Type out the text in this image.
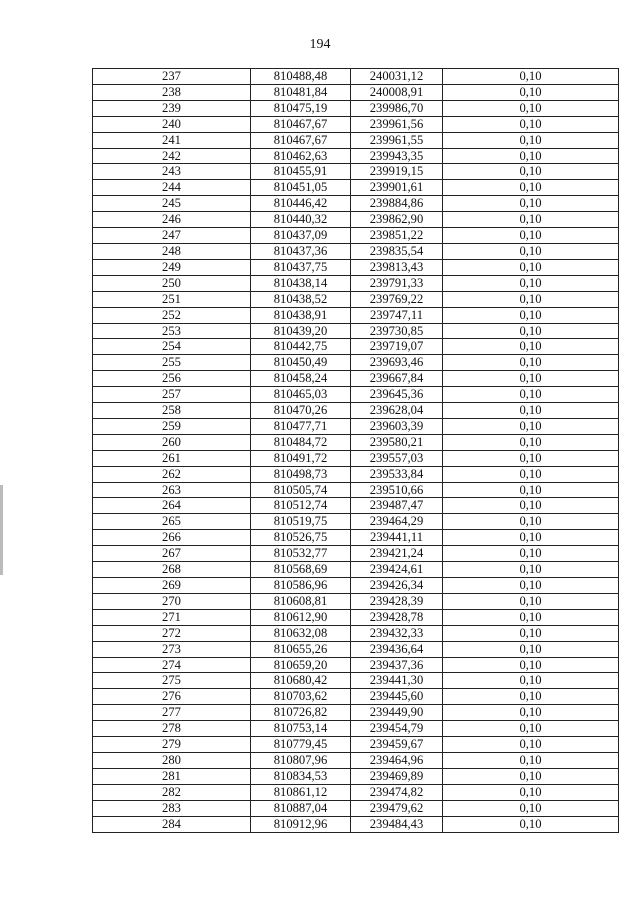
194
237	810488,48	240031,12	0,10
238	810481,84	240008,91	0,10
239	810475,19	239986,70	0,10
240	810467,67	239961,56	0,10
241	810467,67	239961,55	0,10
242	810462,63	239943,35	0,10
243	810455,91	239919,15	0,10
244	810451,05	239901,61	0,10
245	810446,42	239884,86	0,10
246	810440,32	239862,90	0,10
247	810437,09	239851,22	0,10
248	810437,36	239835,54	0,10
249	810437,75	239813,43	0,10
250	810438,14	239791,33	0,10
251	810438,52	239769,22	0,10
252	810438,91	239747,11	0,10
253	810439,20	239730,85	0,10
254	810442,75	239719,07	0,10
255	810450,49	239693,46	0,10
256	810458,24	239667,84	0,10
257	810465,03	239645,36	0,10
258	810470,26	239628,04	0,10
259	810477,71	239603,39	0,10
260	810484,72	239580,21	0,10
261	810491,72	239557,03	0,10
262	810498,73	239533,84	0,10
263	810505,74	239510,66	0,10
264	810512,74	239487,47	0,10
265	810519,75	239464,29	0,10
266	810526,75	239441,11	0,10
267	810532,77	239421,24	0,10
268	810568,69	239424,61	0,10
269	810586,96	239426,34	0,10
270	810608,81	239428,39	0,10
271	810612,90	239428,78	0,10
272	810632,08	239432,33	0,10
273	810655,26	239436,64	0,10
274	810659,20	239437,36	0,10
275	810680,42	239441,30	0,10
276	810703,62	239445,60	0,10
277	810726,82	239449,90	0,10
278	810753,14	239454,79	0,10
279	810779,45	239459,67	0,10
280	810807,96	239464,96	0,10
281	810834,53	239469,89	0,10
282	810861,12	239474,82	0,10
283	810887,04	239479,62	0,10
284	810912,96	239484,43	0,10
